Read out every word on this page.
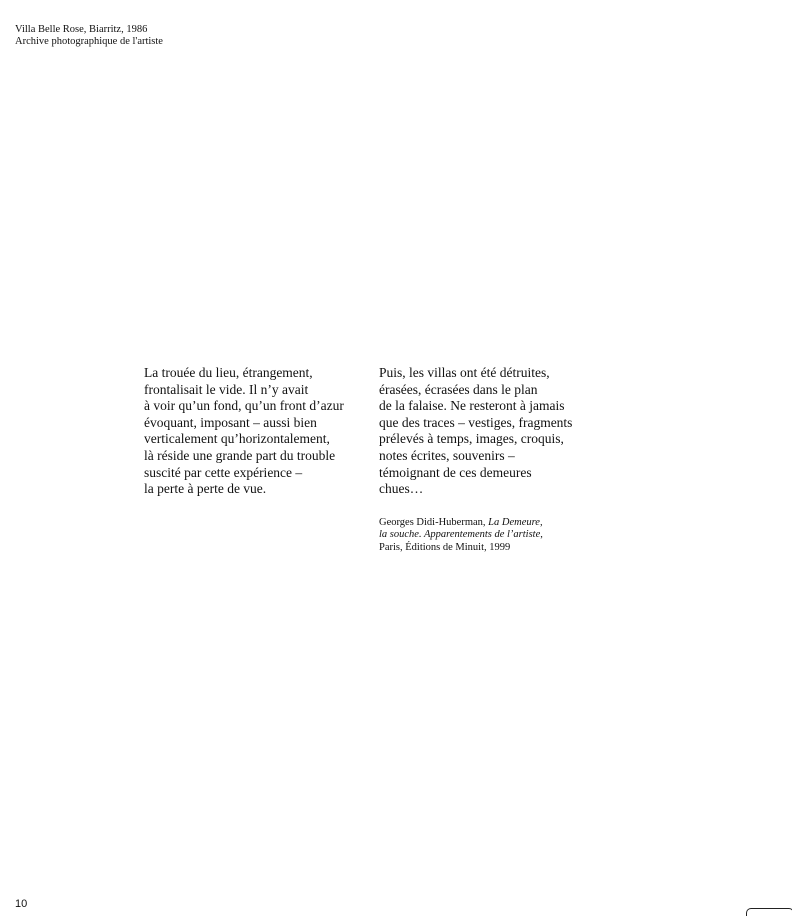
Villa Belle Rose, Biarritz, 1986
Archive photographique de l'artiste
La trouée du lieu, étrangement,
frontalisait le vide. Il n’y avait
à voir qu’un fond, qu’un front d’azur
évoquant, imposant – aussi bien
verticalement qu’horizontalement,
là réside une grande part du trouble
suscité par cette expérience –
la perte à perte de vue.
Puis, les villas ont été détruites,
érasées, écrasées dans le plan
de la falaise. Ne resteront à jamais
que des traces – vestiges, fragments
prélevés à temps, images, croquis,
notes écrites, souvenirs –
témoignant de ces demeures
chues…
Georges Didi-Huberman, La Demeure,
la souche. Apparentements de l’artiste,
Paris, Éditions de Minuit, 1999
10
